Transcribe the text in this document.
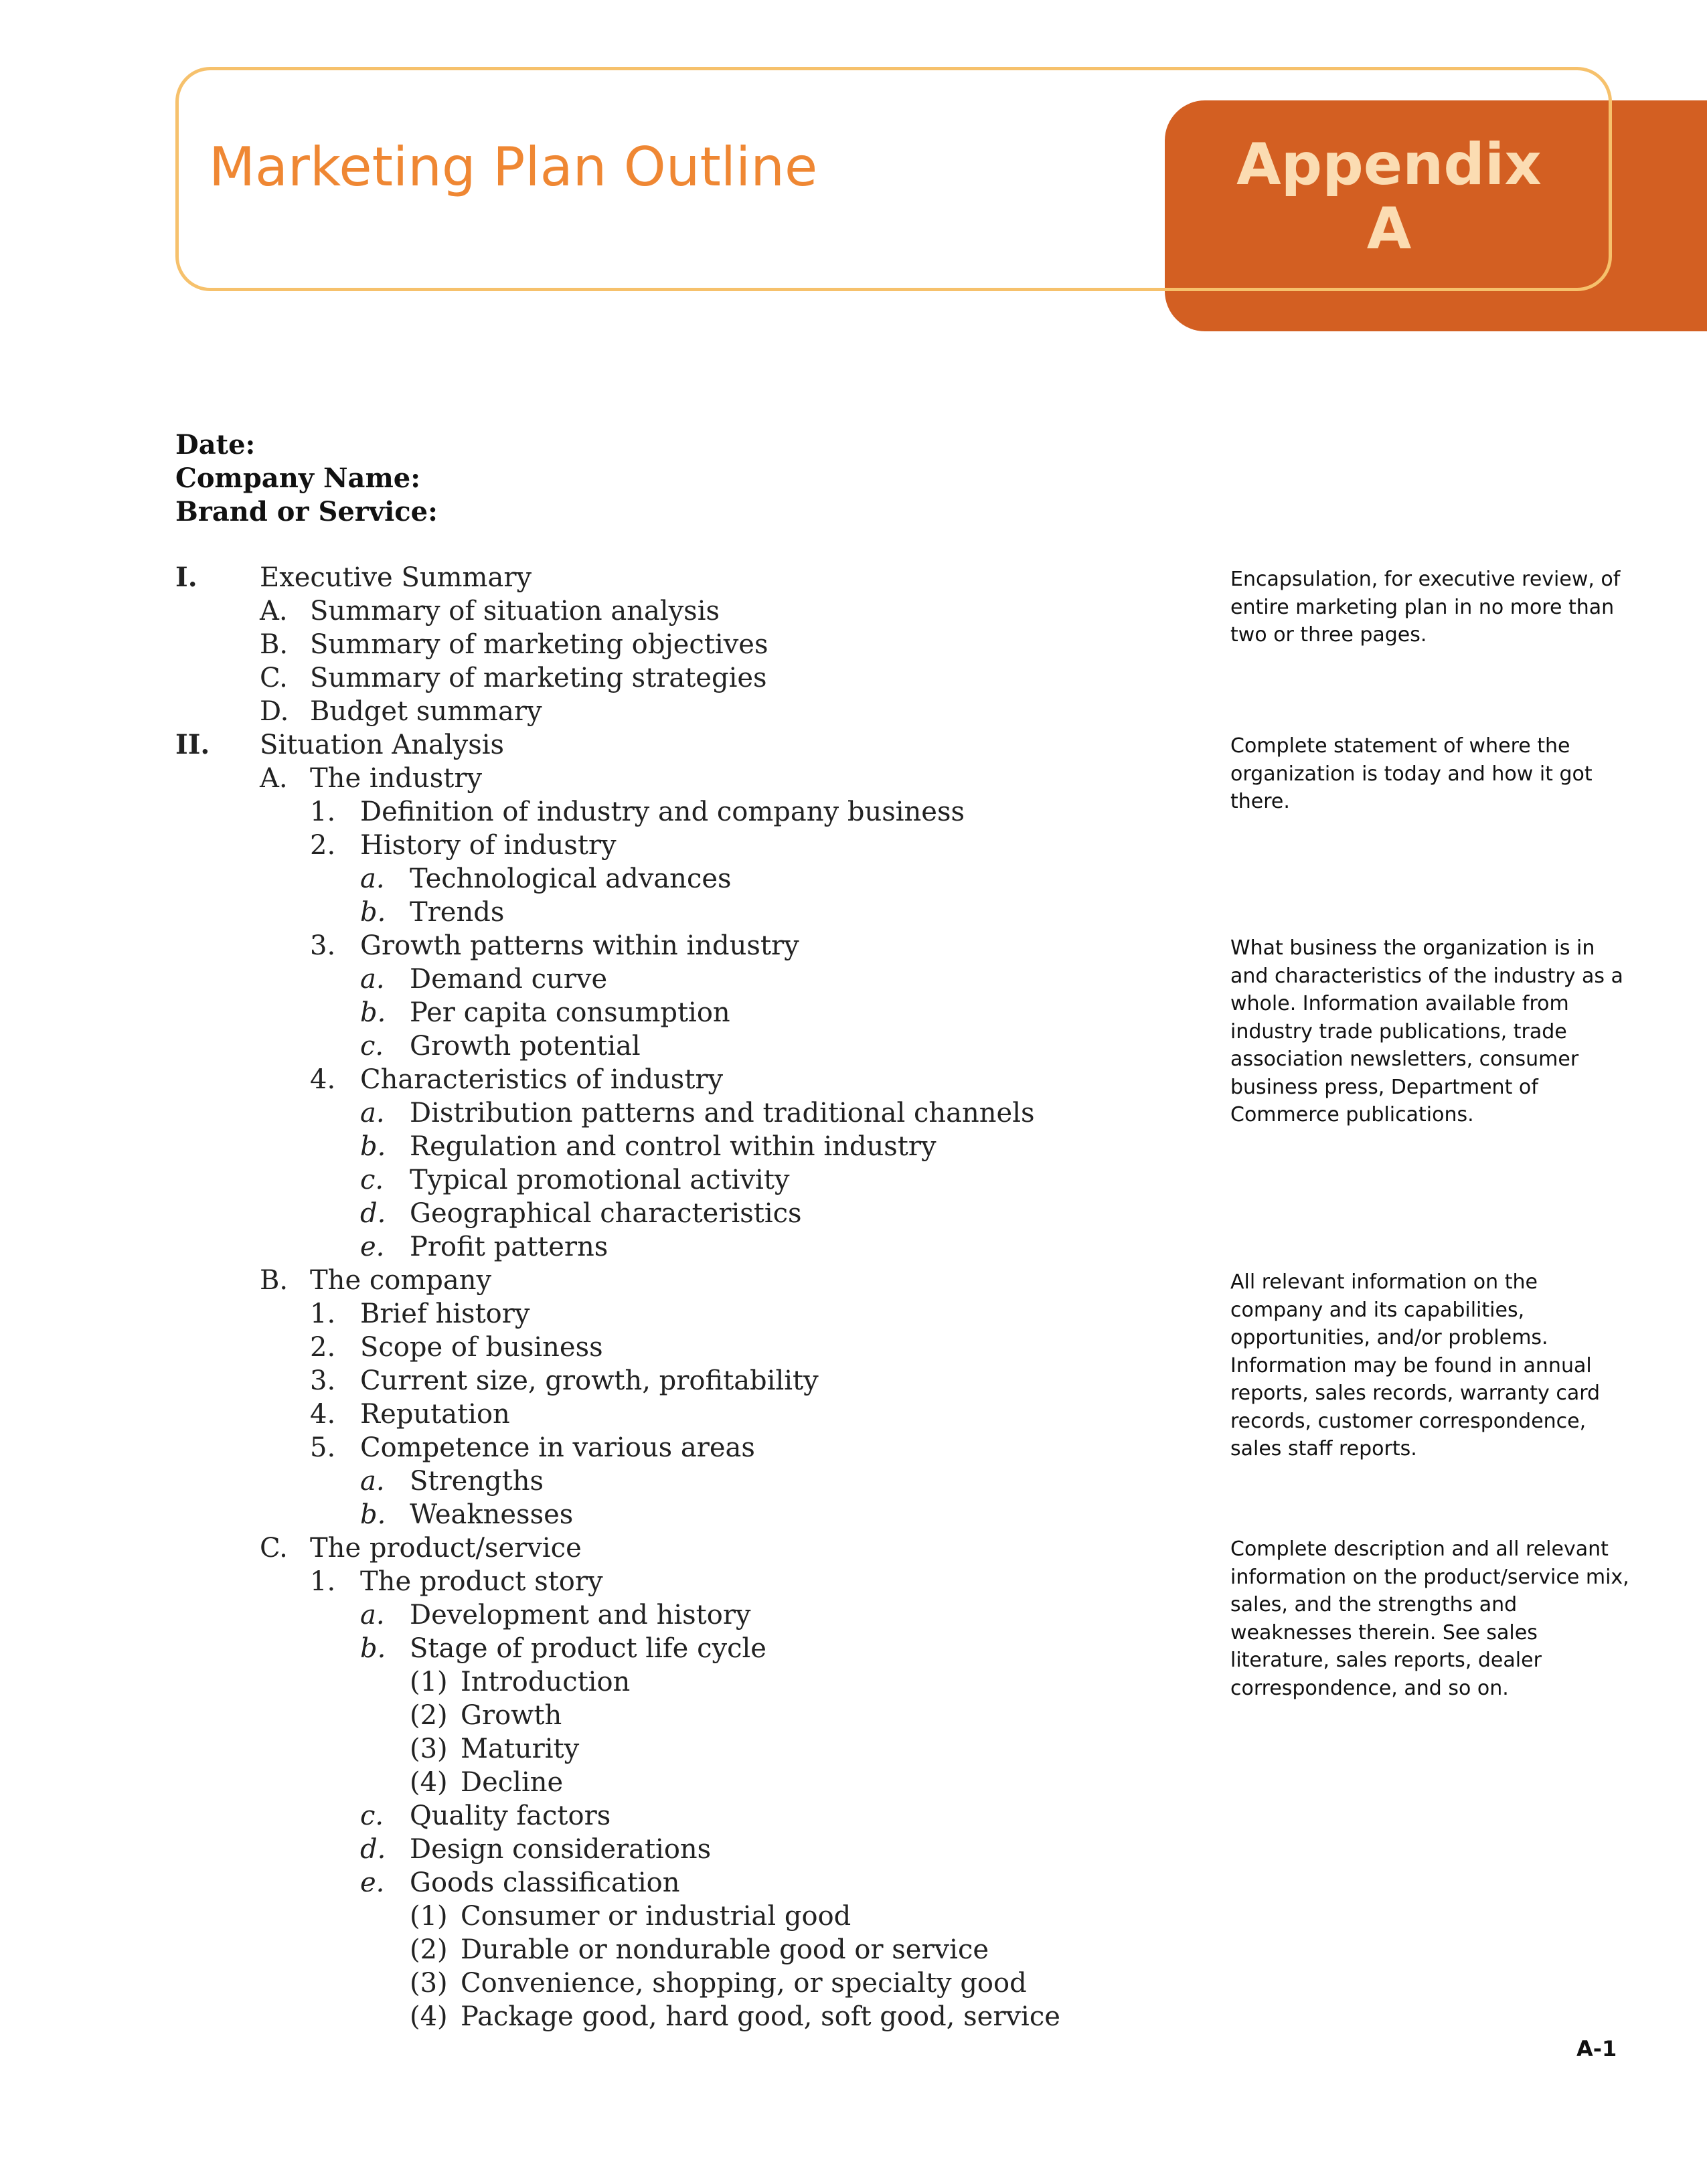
Marketing Plan Outline	Appendix
A
Date:
Company Name:
Brand or Service:
I. Executive Summary
A. Summary of situation analysis
B. Summary of marketing objectives
C. Summary of marketing strategies
D. Budget summary
II. Situation Analysis
A. The industry
1. Definition of industry and company business
2. History of industry
a. Technological advances
b. Trends
3. Growth patterns within industry
a. Demand curve
b. Per capita consumption
c. Growth potential
4. Characteristics of industry
a. Distribution patterns and traditional channels
b. Regulation and control within industry
c. Typical promotional activity
d. Geographical characteristics
e. Profit patterns
B. The company
1. Brief history
2. Scope of business
3. Current size, growth, profitability
4. Reputation
5. Competence in various areas
a. Strengths
b. Weaknesses
C. The product/service
1. The product story
a. Development and history
b. Stage of product life cycle
(1) Introduction
(2) Growth
(3) Maturity
(4) Decline
c. Quality factors
d. Design considerations
e. Goods classification
(1) Consumer or industrial good
(2) Durable or nondurable good or service
(3) Convenience, shopping, or specialty good
(4) Package good, hard good, soft good, service
Encapsulation, for executive review, of entire marketing plan in no more than two or three pages.
Complete statement of where the organization is today and how it got there.
What business the organization is in and characteristics of the industry as a whole. Information available from industry trade publications, trade association newsletters, consumer business press, Department of Commerce publications.
All relevant information on the company and its capabilities, opportunities, and/or problems. Information may be found in annual reports, sales records, warranty card records, customer correspondence, sales staff reports.
Complete description and all relevant information on the product/service mix, sales, and the strengths and weaknesses therein. See sales literature, sales reports, dealer correspondence, and so on.
A-1
